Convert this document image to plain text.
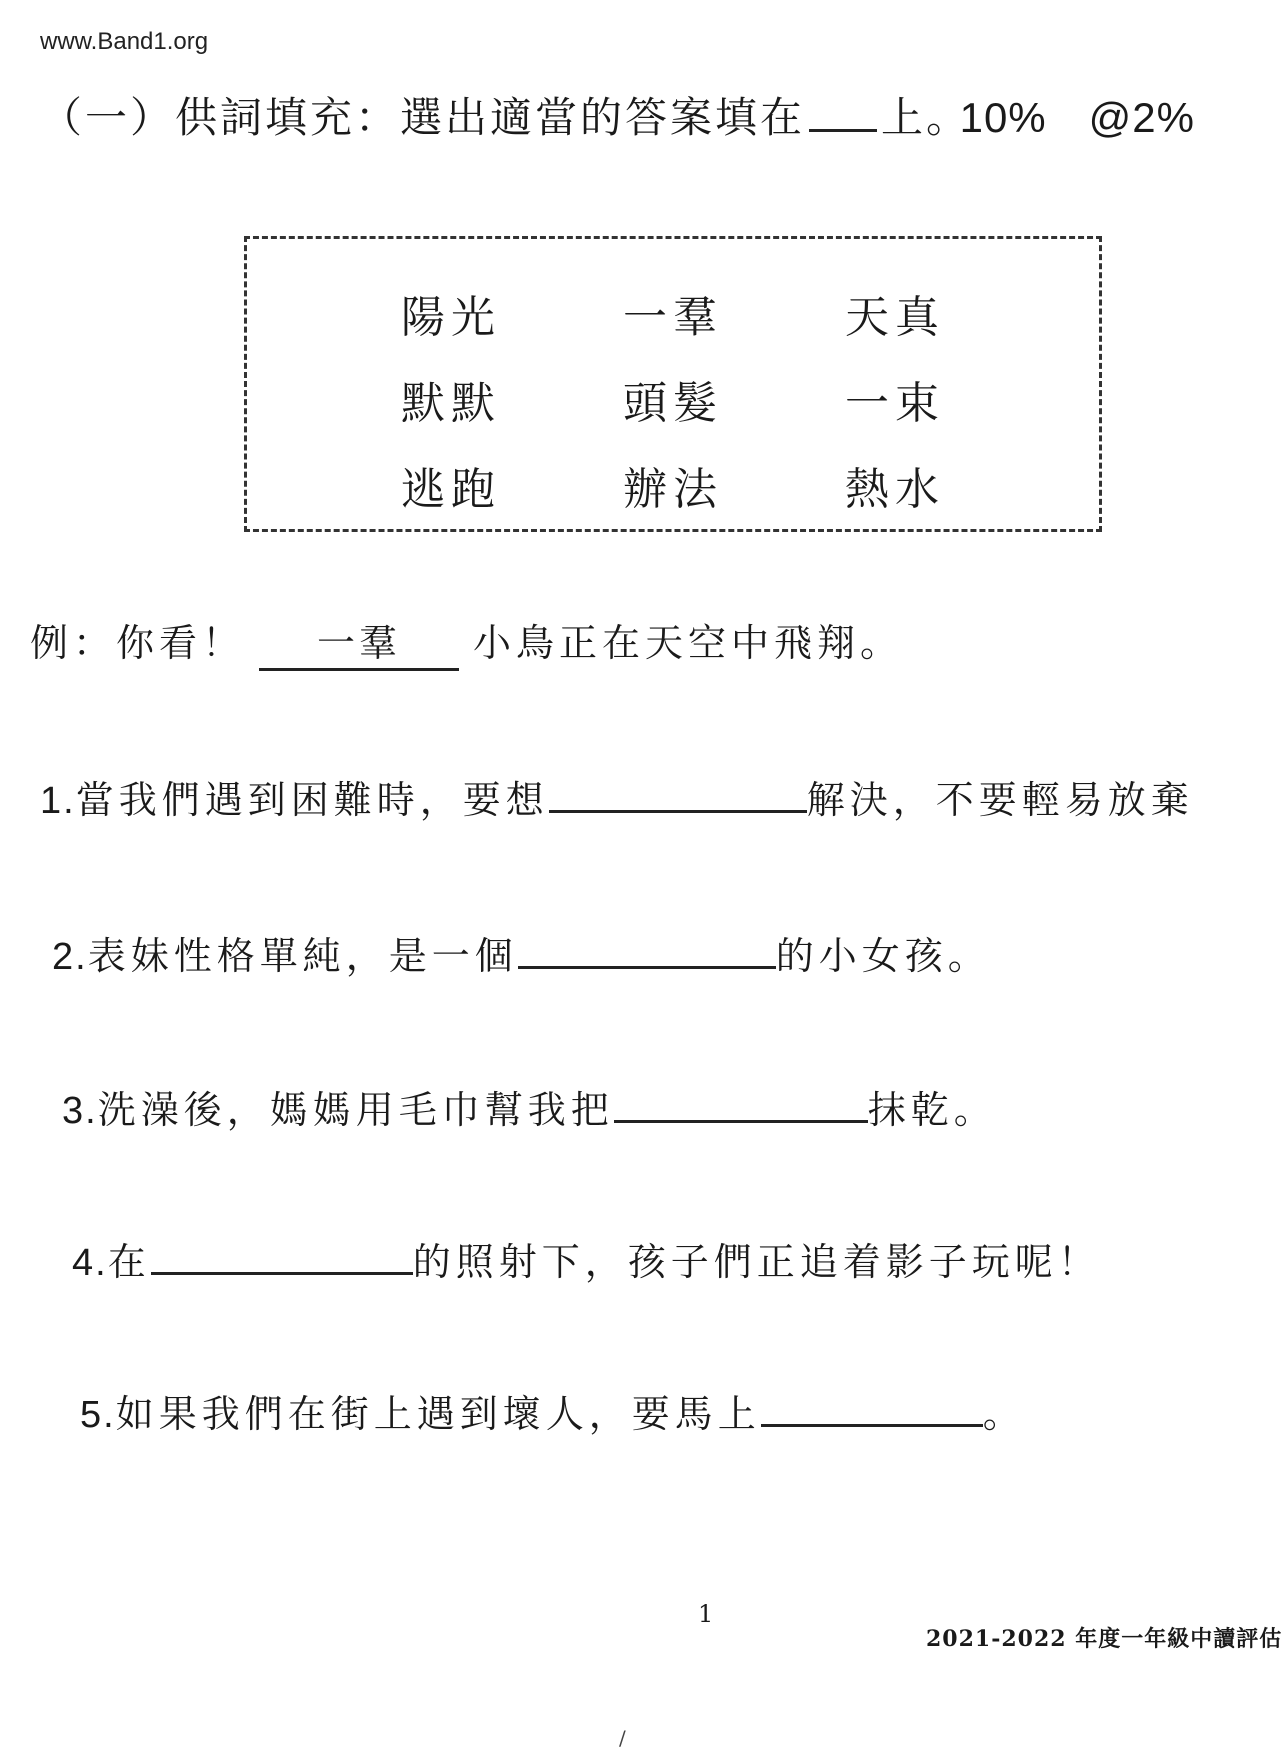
www.Band1.org
（一）供詞填充：選出適當的答案填在 上。
10% @2%
陽光	一羣	天真
默默	頭髮	一束
逃跑	辦法	熱水
例：你看！ 一羣 小鳥正在天空中飛翔。
1.當我們遇到困難時，要想	解決，不要輕易放棄
2.表妹性格單純，是一個	的小女孩。
3.洗澡後，媽媽用毛巾幫我把	抹乾。
4.在	的照射下，孩子們正追着影子玩呢！
5.如果我們在街上遇到壞人，要馬上	。
1
2021-2022 年度一年級中讀評估
/
